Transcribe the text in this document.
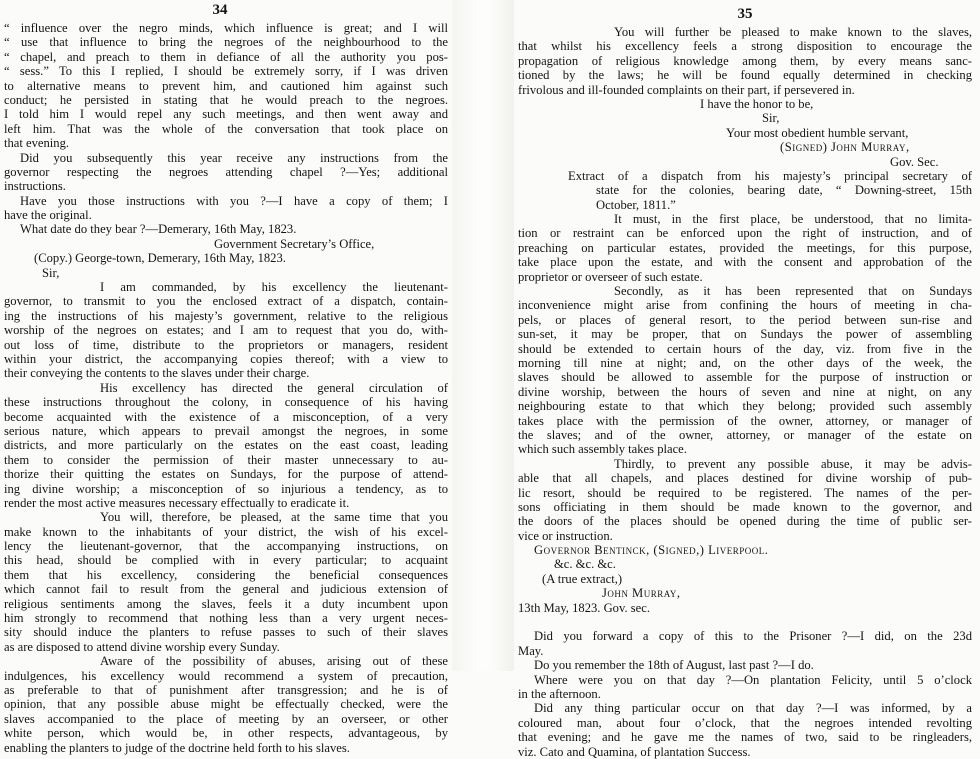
34
“ influence over the negro minds, which influence is great; and I will
“ use that influence to bring the negroes of the neighbourhood to the
“ chapel, and preach to them in defiance of all the authority you pos-
“ sess.” To this I replied, I should be extremely sorry, if I was driven
to alternative means to prevent him, and cautioned him against such
conduct; he persisted in stating that he would preach to the negroes.
I told him I would repel any such meetings, and then went away and
left him. That was the whole of the conversation that took place on
that evening.
Did you subsequently this year receive any instructions from the
governor respecting the negroes attending chapel ?—Yes; additional
instructions.
Have you those instructions with you ?—I have a copy of them; I
have the original.
What date do they bear ?—Demerary, 16th May, 1823.
Government Secretary’s Office,
(Copy.) George-town, Demerary, 16th May, 1823.
Sir,
I am commanded, by his excellency the lieutenant-
governor, to transmit to you the enclosed extract of a dispatch, contain-
ing the instructions of his majesty’s government, relative to the religious
worship of the negroes on estates; and I am to request that you do, with-
out loss of time, distribute to the proprietors or managers, resident
within your district, the accompanying copies thereof; with a view to
their conveying the contents to the slaves under their charge.
His excellency has directed the general circulation of
these instructions throughout the colony, in consequence of his having
become acquainted with the existence of a misconception, of a very
serious nature, which appears to prevail amongst the negroes, in some
districts, and more particularly on the estates on the east coast, leading
them to consider the permission of their master unnecessary to au-
thorize their quitting the estates on Sundays, for the purpose of attend-
ing divine worship; a misconception of so injurious a tendency, as to
render the most active measures necessary effectually to eradicate it.
You will, therefore, be pleased, at the same time that you
make known to the inhabitants of your district, the wish of his excel-
lency the lieutenant-governor, that the accompanying instructions, on
this head, should be complied with in every particular; to acquaint
them that his excellency, considering the beneficial consequences
which cannot fail to result from the general and judicious extension of
religious sentiments among the slaves, feels it a duty incumbent upon
him strongly to recommend that nothing less than a very urgent neces-
sity should induce the planters to refuse passes to such of their slaves
as are disposed to attend divine worship every Sunday.
Aware of the possibility of abuses, arising out of these
indulgences, his excellency would recommend a system of precaution,
as preferable to that of punishment after transgression; and he is of
opinion, that any possible abuse might be effectually checked, were the
slaves accompanied to the place of meeting by an overseer, or other
white person, which would be, in other respects, advantageous, by
enabling the planters to judge of the doctrine held forth to his slaves.
35
You will further be pleased to make known to the slaves,
that whilst his excellency feels a strong disposition to encourage the
propagation of religious knowledge among them, by every means sanc-
tioned by the laws; he will be found equally determined in checking
frivolous and ill-founded complaints on their part, if persevered in.
I have the honor to be,
Sir,
Your most obedient humble servant,
(Signed) John Murray,
Gov. Sec.
Extract of a dispatch from his majesty’s principal secretary of
state for the colonies, bearing date, “ Downing-street, 15th
October, 1811.”
It must, in the first place, be understood, that no limita-
tion or restraint can be enforced upon the right of instruction, and of
preaching on particular estates, provided the meetings, for this purpose,
take place upon the estate, and with the consent and approbation of the
proprietor or overseer of such estate.
Secondly, as it has been represented that on Sundays
inconvenience might arise from confining the hours of meeting in cha-
pels, or places of general resort, to the period between sun-rise and
sun-set, it may be proper, that on Sundays the power of assembling
should be extended to certain hours of the day, viz. from five in the
morning till nine at night; and, on the other days of the week, the
slaves should be allowed to assemble for the purpose of instruction or
divine worship, between the hours of seven and nine at night, on any
neighbouring estate to that which they belong; provided such assembly
takes place with the permission of the owner, attorney, or manager of
the slaves; and of the owner, attorney, or manager of the estate on
which such assembly takes place.
Thirdly, to prevent any possible abuse, it may be advis-
able that all chapels, and places destined for divine worship of pub-
lic resort, should be required to be registered. The names of the per-
sons officiating in them should be made known to the governor, and
the doors of the places should be opened during the time of public ser-
vice or instruction.
Governor Bentinck, (Signed,) Liverpool.
&c. &c. &c.
(A true extract,)
John Murray,
13th May, 1823. Gov. sec.
Did you forward a copy of this to the Prisoner ?—I did, on the 23d
May.
Do you remember the 18th of August, last past ?—I do.
Where were you on that day ?—On plantation Felicity, until 5 o’clock
in the afternoon.
Did any thing particular occur on that day ?—I was informed, by a
coloured man, about four o’clock, that the negroes intended revolting
that evening; and he gave me the names of two, said to be ringleaders,
viz. Cato and Quamina, of plantation Success.
